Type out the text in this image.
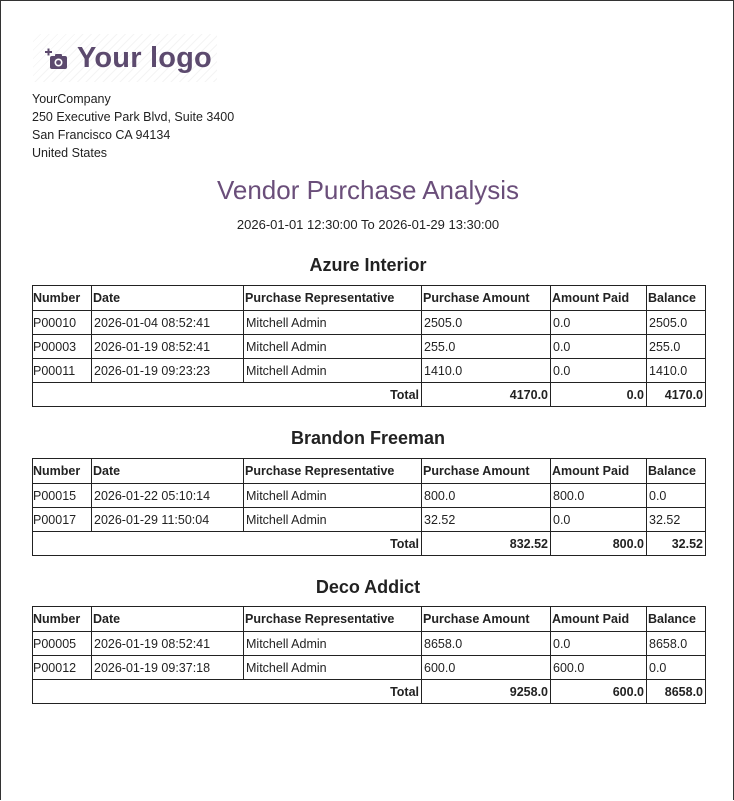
Your logo
YourCompany
250 Executive Park Blvd, Suite 3400
San Francisco CA 94134
United States
Vendor Purchase Analysis
2026-01-01 12:30:00 To 2026-01-29 13:30:00
Azure Interior
Number	Date	Purchase Representative	Purchase Amount	Amount Paid	Balance
P00010	2026-01-04 08:52:41	Mitchell Admin	2505.0	0.0	2505.0
P00003	2026-01-19 08:52:41	Mitchell Admin	255.0	0.0	255.0
P00011	2026-01-19 09:23:23	Mitchell Admin	1410.0	0.0	1410.0
		Total	4170.0	0.0	4170.0
Brandon Freeman
Number	Date	Purchase Representative	Purchase Amount	Amount Paid	Balance
P00015	2026-01-22 05:10:14	Mitchell Admin	800.0	800.0	0.0
P00017	2026-01-29 11:50:04	Mitchell Admin	32.52	0.0	32.52
		Total	832.52	800.0	32.52
Deco Addict
Number	Date	Purchase Representative	Purchase Amount	Amount Paid	Balance
P00005	2026-01-19 08:52:41	Mitchell Admin	8658.0	0.0	8658.0
P00012	2026-01-19 09:37:18	Mitchell Admin	600.0	600.0	0.0
		Total	9258.0	600.0	8658.0
